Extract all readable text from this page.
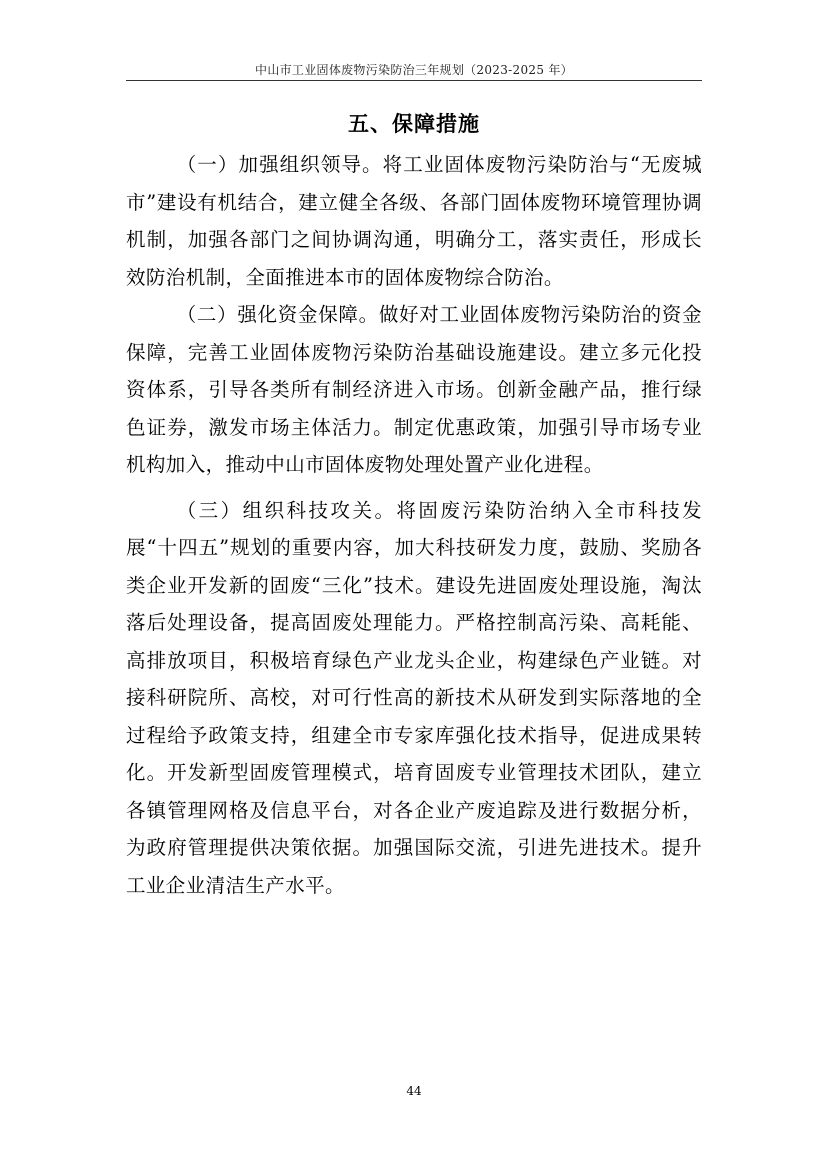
中山市工业固体废物污染防治三年规划（2023-2025 年）
五、保障措施

（一）加强组织领导。将工业固体废物污染防治与“无废城市”建设有机结合，建立健全各级、各部门固体废物环境管理协调机制，加强各部门之间协调沟通，明确分工，落实责任，形成长效防治机制，全面推进本市的固体废物综合防治。

（二）强化资金保障。做好对工业固体废物污染防治的资金保障，完善工业固体废物污染防治基础设施建设。建立多元化投资体系，引导各类所有制经济进入市场。创新金融产品，推行绿色证券，激发市场主体活力。制定优惠政策，加强引导市场专业机构加入，推动中山市固体废物处理处置产业化进程。

（三）组织科技攻关。将固废污染防治纳入全市科技发展“十四五”规划的重要内容，加大科技研发力度，鼓励、奖励各类企业开发新的固废“三化”技术。建设先进固废处理设施，淘汰落后处理设备，提高固废处理能力。严格控制高污染、高耗能、高排放项目，积极培育绿色产业龙头企业，构建绿色产业链。对接科研院所、高校，对可行性高的新技术从研发到实际落地的全过程给予政策支持，组建全市专家库强化技术指导，促进成果转化。开发新型固废管理模式，培育固废专业管理技术团队，建立各镇管理网格及信息平台，对各企业产废追踪及进行数据分析，为政府管理提供决策依据。加强国际交流，引进先进技术。提升工业企业清洁生产水平。

44
